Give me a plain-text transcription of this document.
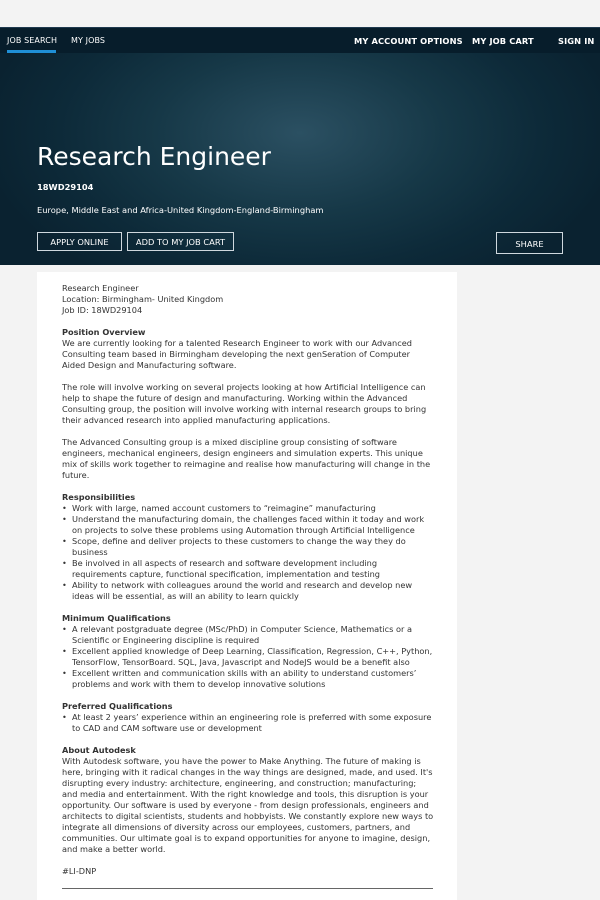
JOB SEARCH MY JOBS	MY ACCOUNT OPTIONS MY JOB CART	SIGN IN
Research Engineer
18WD29104
Europe, Middle East and Africa-United Kingdom-England-Birmingham
APPLY ONLINE	ADD TO MY JOB CART	SHARE

Research Engineer

Location: Birmingham- United Kingdom

Job ID: 18WD29104

Position Overview

We are currently looking for a talented Research Engineer to work with our Advanced Consulting team based in Birmingham developing the next genSeration of Computer Aided Design and Manufacturing software.

The role will involve working on several projects looking at how Artificial Intelligence can help to shape the future of design and manufacturing. Working within the Advanced Consulting group, the position will involve working with internal research groups to bring their advanced research into applied manufacturing applications.

The Advanced Consulting group is a mixed discipline group consisting of software engineers, mechanical engineers, design engineers and simulation experts. This unique mix of skills work together to reimagine and realise how manufacturing will change in the future.

Responsibilities

• Work with large, named account customers to “reimagine” manufacturing
• Understand the manufacturing domain, the challenges faced within it today and work on projects to solve these problems using Automation through Artificial Intelligence
• Scope, define and deliver projects to these customers to change the way they do business
• Be involved in all aspects of research and software development including requirements capture, functional specification, implementation and testing
• Ability to network with colleagues around the world and research and develop new ideas will be essential, as will an ability to learn quickly

Minimum Qualifications

• A relevant postgraduate degree (MSc/PhD) in Computer Science, Mathematics or a Scientific or Engineering discipline is required
• Excellent applied knowledge of Deep Learning, Classification, Regression, C++, Python, TensorFlow, TensorBoard. SQL, Java, Javascript and NodeJS would be a benefit also
• Excellent written and communication skills with an ability to understand customers’ problems and work with them to develop innovative solutions

Preferred Qualifications

• At least 2 years’ experience within an engineering role is preferred with some exposure to CAD and CAM software use or development

About Autodesk

With Autodesk software, you have the power to Make Anything. The future of making is here, bringing with it radical changes in the way things are designed, made, and used. It's disrupting every industry: architecture, engineering, and construction; manufacturing; and media and entertainment. With the right knowledge and tools, this disruption is your opportunity. Our software is used by everyone - from design professionals, engineers and architects to digital scientists, students and hobbyists. We constantly explore new ways to integrate all dimensions of diversity across our employees, customers, partners, and communities. Our ultimate goal is to expand opportunities for anyone to imagine, design, and make a better world.

#LI-DNP
